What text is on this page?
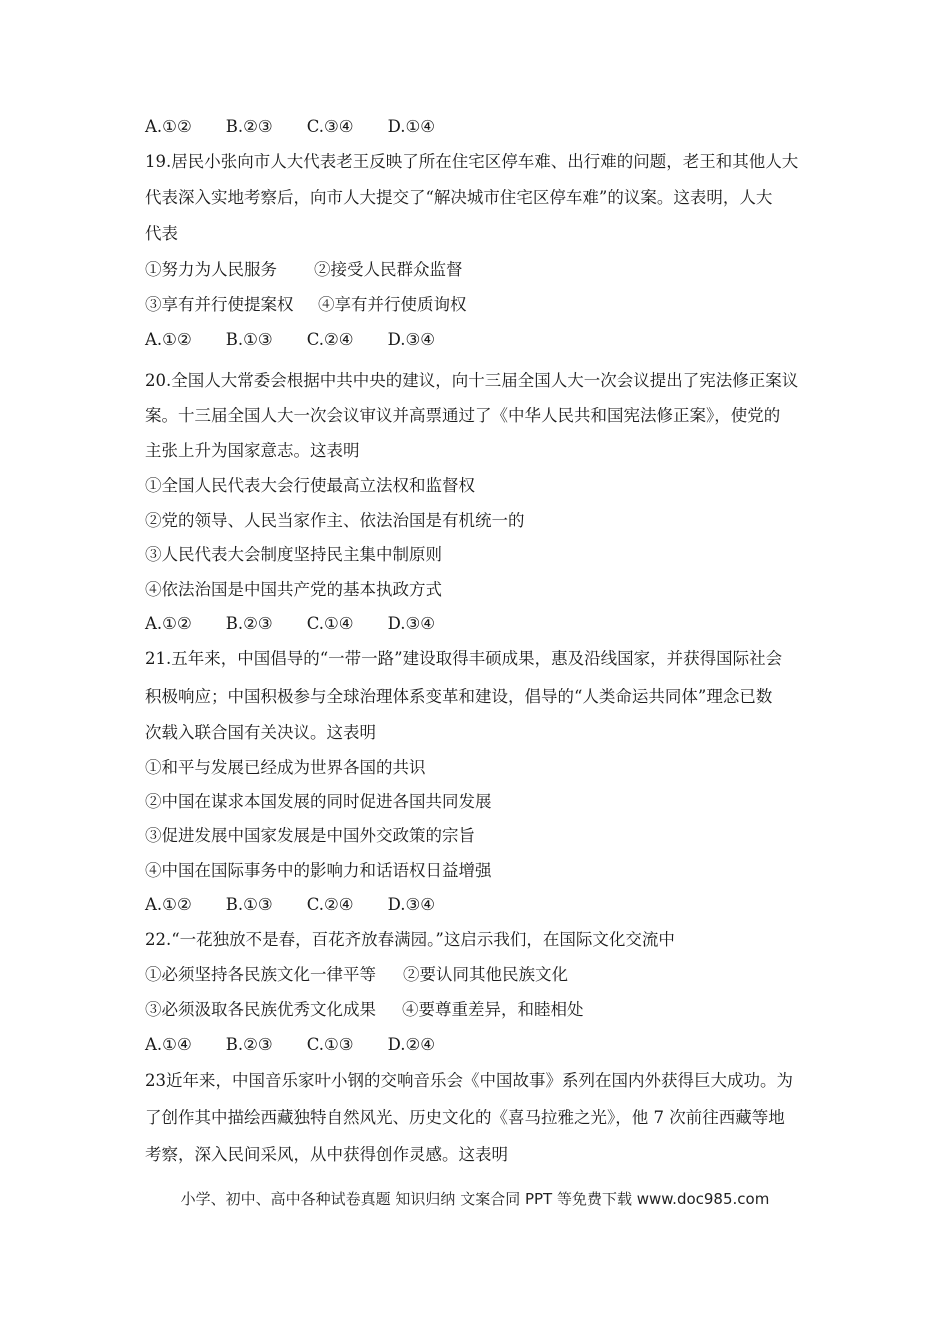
A.①② B.②③ C.③④ D.①④
19.居民小张向市人大代表老王反映了所在住宅区停车难、出行难的问题，老王和其他人大
代表深入实地考察后，向市人大提交了“解决城市住宅区停车难”的议案。这表明，人大
代表
①努力为人民服务 ②接受人民群众监督
③享有并行使提案权 ④享有并行使质询权
A.①② B.①③ C.②④ D.③④
20.全国人大常委会根据中共中央的建议，向十三届全国人大一次会议提出了宪法修正案议
案。十三届全国人大一次会议审议并高票通过了《中华人民共和国宪法修正案》，使党的
主张上升为国家意志。这表明
①全国人民代表大会行使最高立法权和监督权
②党的领导、人民当家作主、依法治国是有机统一的
③人民代表大会制度坚持民主集中制原则
④依法治国是中国共产党的基本执政方式
A.①② B.②③ C.①④ D.③④
21.五年来，中国倡导的“一带一路”建设取得丰硕成果，惠及沿线国家，并获得国际社会
积极响应；中国积极参与全球治理体系变革和建设，倡导的“人类命运共同体”理念已数
次载入联合国有关决议。这表明
①和平与发展已经成为世界各国的共识
②中国在谋求本国发展的同时促进各国共同发展
③促进发展中国家发展是中国外交政策的宗旨
④中国在国际事务中的影响力和话语权日益增强
A.①② B.①③ C.②④ D.③④
22.“一花独放不是春，百花齐放春满园。”这启示我们，在国际文化交流中
①必须坚持各民族文化一律平等 ②要认同其他民族文化
③必须汲取各民族优秀文化成果 ④要尊重差异，和睦相处
A.①④ B.②③ C.①③ D.②④
23近年来，中国音乐家叶小钢的交响音乐会《中国故事》系列在国内外获得巨大成功。为
了创作其中描绘西藏独特自然风光、历史文化的《喜马拉雅之光》，他 7 次前往西藏等地
考察，深入民间采风，从中获得创作灵感。这表明
小学、初中、高中各种试卷真题 知识归纳 文案合同 PPT 等免费下载 www.doc985.com
